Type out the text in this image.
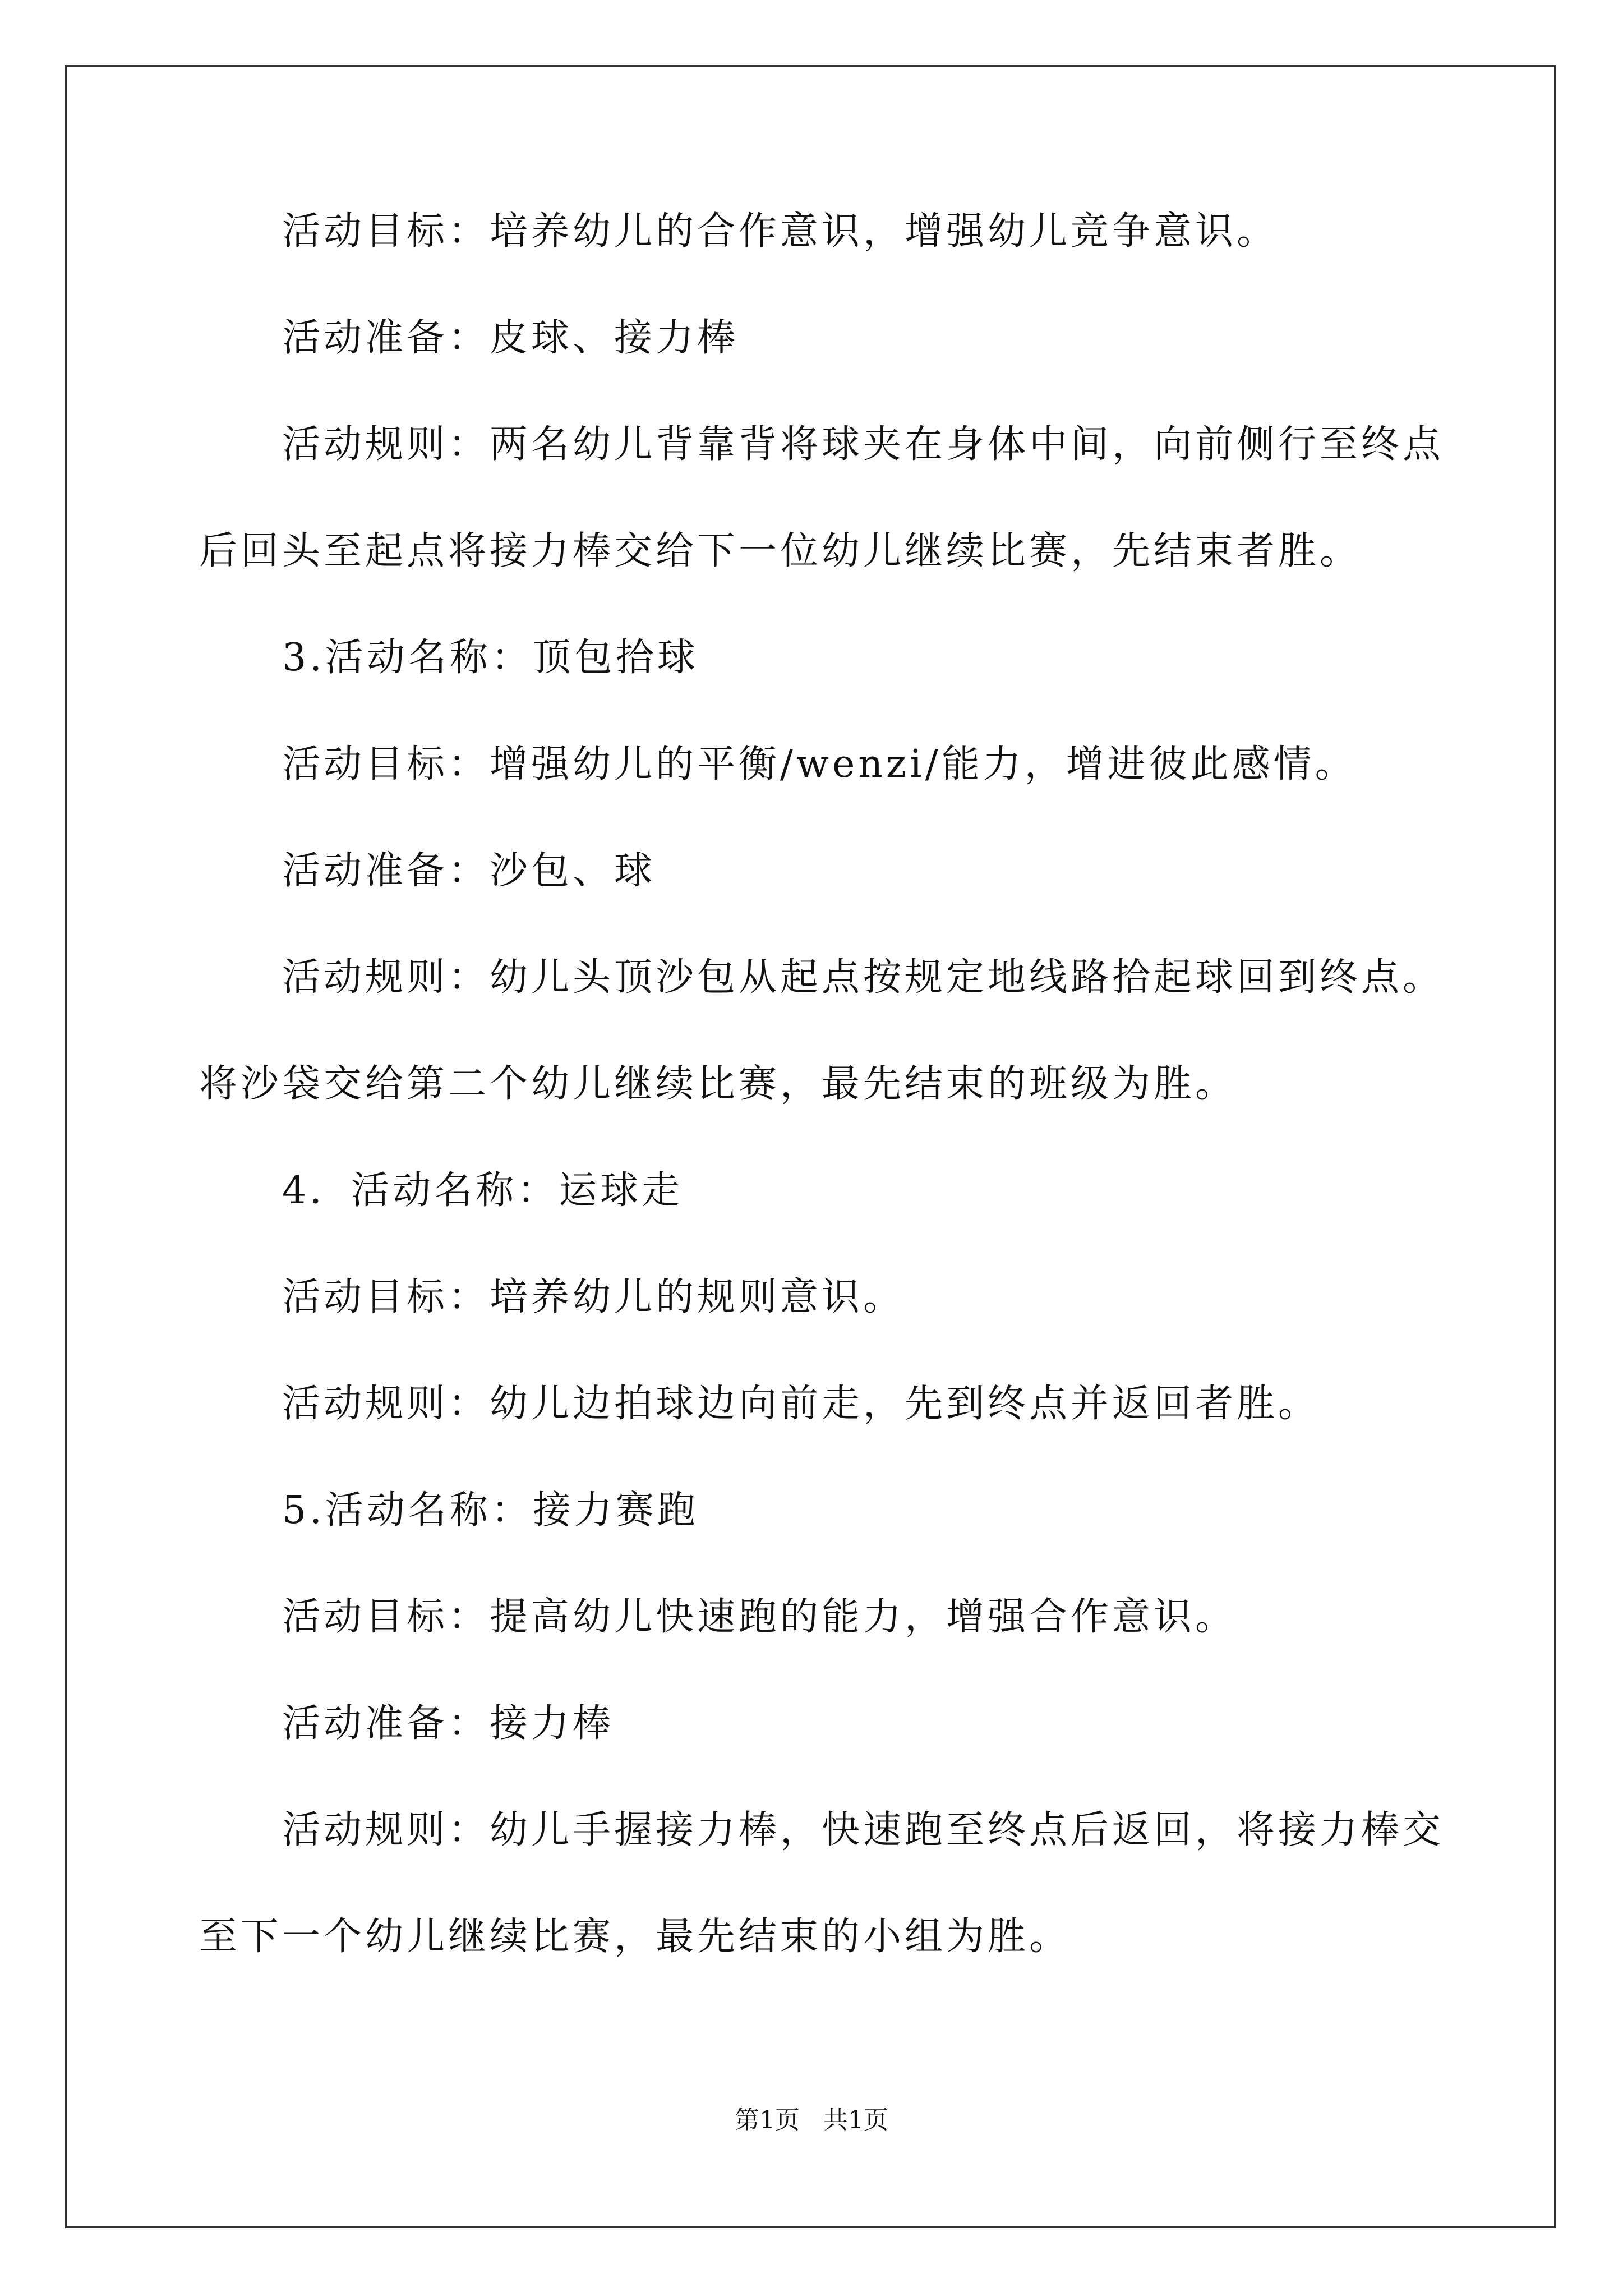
活动目标：培养幼儿的合作意识，增强幼儿竞争意识。
活动准备：皮球、接力棒
活动规则：两名幼儿背靠背将球夹在身体中间，向前侧行至终点
后回头至起点将接力棒交给下一位幼儿继续比赛，先结束者胜。
3.活动名称：顶包拾球
活动目标：增强幼儿的平衡/wenzi/能力，增进彼此感情。
活动准备：沙包、球
活动规则：幼儿头顶沙包从起点按规定地线路拾起球回到终点。
将沙袋交给第二个幼儿继续比赛，最先结束的班级为胜。
4．活动名称：运球走
活动目标：培养幼儿的规则意识。
活动规则：幼儿边拍球边向前走，先到终点并返回者胜。
5.活动名称：接力赛跑
活动目标：提高幼儿快速跑的能力，增强合作意识。
活动准备：接力棒
活动规则：幼儿手握接力棒，快速跑至终点后返回，将接力棒交
至下一个幼儿继续比赛，最先结束的小组为胜。
第1页 共1页
